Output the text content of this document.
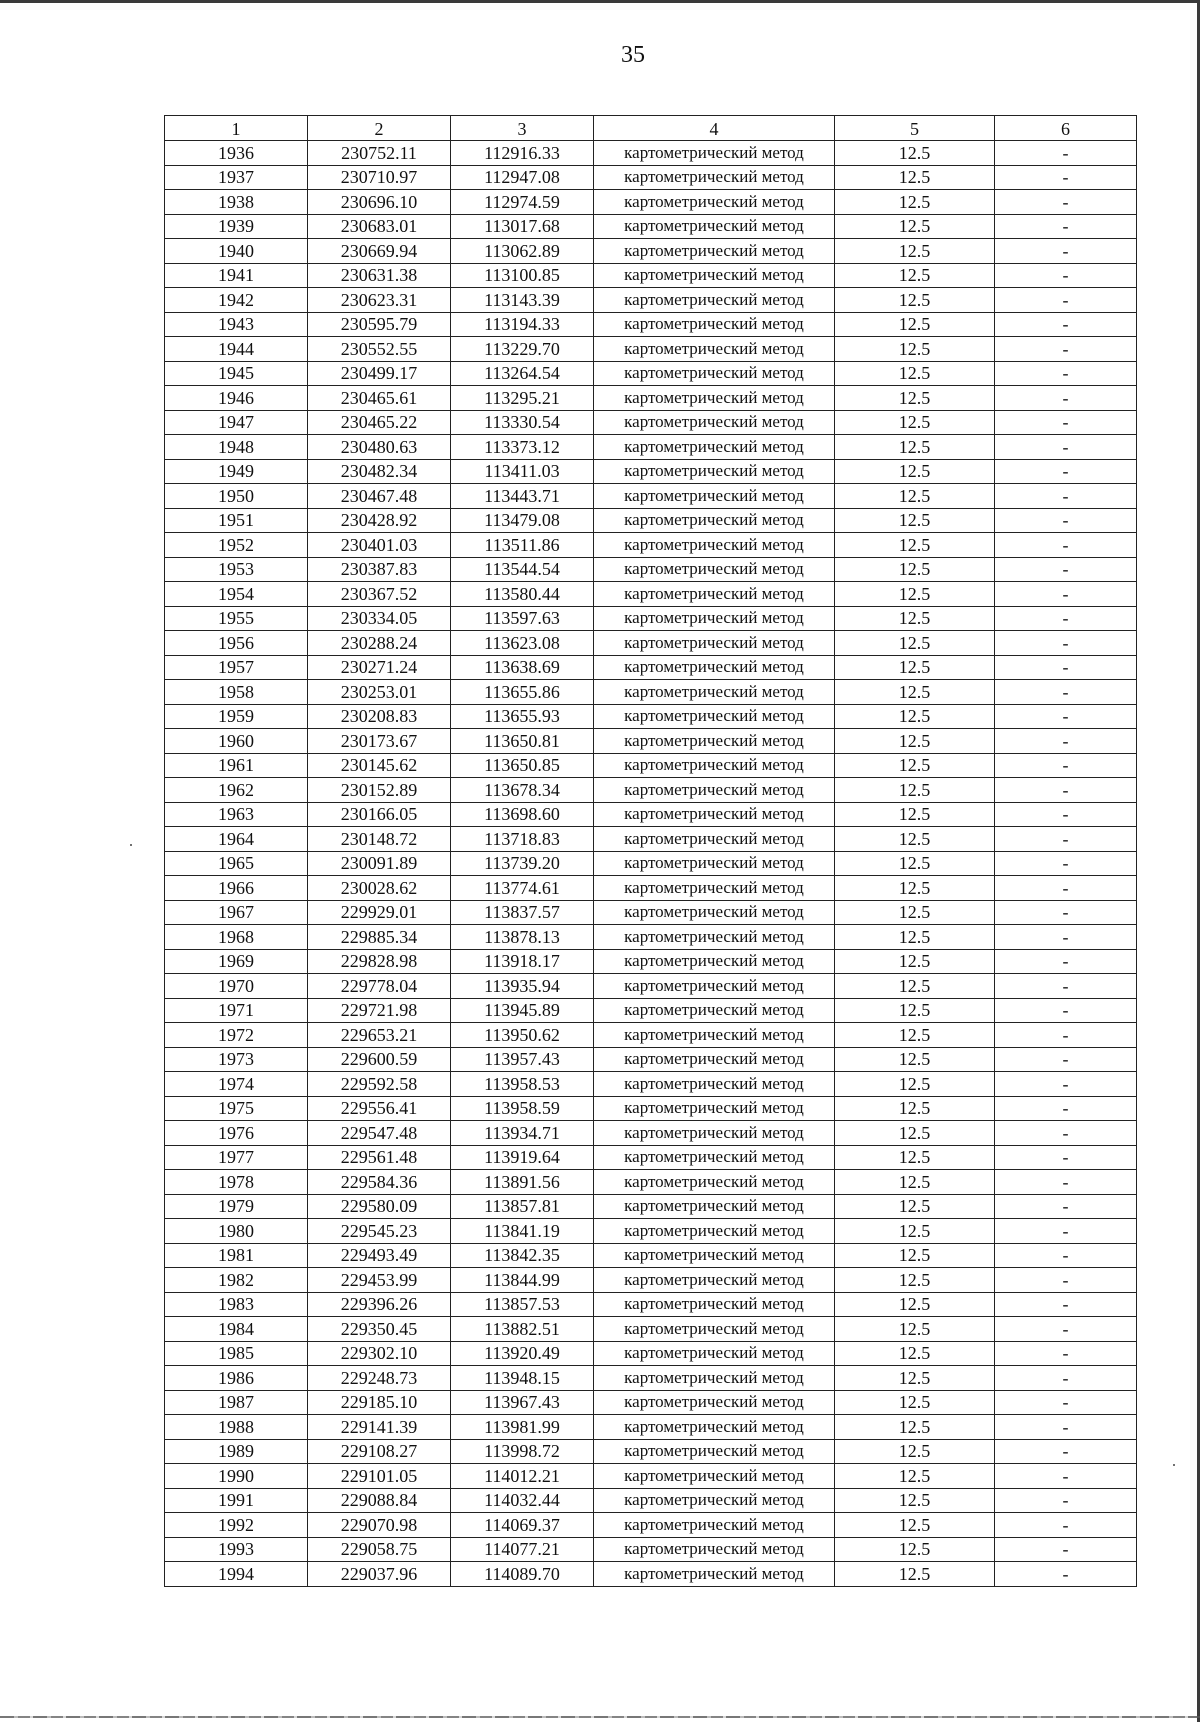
35
1	2	3	4	5	6
1936	230752.11	112916.33	картометрический метод	12.5	-
1937	230710.97	112947.08	картометрический метод	12.5	-
1938	230696.10	112974.59	картометрический метод	12.5	-
1939	230683.01	113017.68	картометрический метод	12.5	-
1940	230669.94	113062.89	картометрический метод	12.5	-
1941	230631.38	113100.85	картометрический метод	12.5	-
1942	230623.31	113143.39	картометрический метод	12.5	-
1943	230595.79	113194.33	картометрический метод	12.5	-
1944	230552.55	113229.70	картометрический метод	12.5	-
1945	230499.17	113264.54	картометрический метод	12.5	-
1946	230465.61	113295.21	картометрический метод	12.5	-
1947	230465.22	113330.54	картометрический метод	12.5	-
1948	230480.63	113373.12	картометрический метод	12.5	-
1949	230482.34	113411.03	картометрический метод	12.5	-
1950	230467.48	113443.71	картометрический метод	12.5	-
1951	230428.92	113479.08	картометрический метод	12.5	-
1952	230401.03	113511.86	картометрический метод	12.5	-
1953	230387.83	113544.54	картометрический метод	12.5	-
1954	230367.52	113580.44	картометрический метод	12.5	-
1955	230334.05	113597.63	картометрический метод	12.5	-
1956	230288.24	113623.08	картометрический метод	12.5	-
1957	230271.24	113638.69	картометрический метод	12.5	-
1958	230253.01	113655.86	картометрический метод	12.5	-
1959	230208.83	113655.93	картометрический метод	12.5	-
1960	230173.67	113650.81	картометрический метод	12.5	-
1961	230145.62	113650.85	картометрический метод	12.5	-
1962	230152.89	113678.34	картометрический метод	12.5	-
1963	230166.05	113698.60	картометрический метод	12.5	-
1964	230148.72	113718.83	картометрический метод	12.5	-
1965	230091.89	113739.20	картометрический метод	12.5	-
1966	230028.62	113774.61	картометрический метод	12.5	-
1967	229929.01	113837.57	картометрический метод	12.5	-
1968	229885.34	113878.13	картометрический метод	12.5	-
1969	229828.98	113918.17	картометрический метод	12.5	-
1970	229778.04	113935.94	картометрический метод	12.5	-
1971	229721.98	113945.89	картометрический метод	12.5	-
1972	229653.21	113950.62	картометрический метод	12.5	-
1973	229600.59	113957.43	картометрический метод	12.5	-
1974	229592.58	113958.53	картометрический метод	12.5	-
1975	229556.41	113958.59	картометрический метод	12.5	-
1976	229547.48	113934.71	картометрический метод	12.5	-
1977	229561.48	113919.64	картометрический метод	12.5	-
1978	229584.36	113891.56	картометрический метод	12.5	-
1979	229580.09	113857.81	картометрический метод	12.5	-
1980	229545.23	113841.19	картометрический метод	12.5	-
1981	229493.49	113842.35	картометрический метод	12.5	-
1982	229453.99	113844.99	картометрический метод	12.5	-
1983	229396.26	113857.53	картометрический метод	12.5	-
1984	229350.45	113882.51	картометрический метод	12.5	-
1985	229302.10	113920.49	картометрический метод	12.5	-
1986	229248.73	113948.15	картометрический метод	12.5	-
1987	229185.10	113967.43	картометрический метод	12.5	-
1988	229141.39	113981.99	картометрический метод	12.5	-
1989	229108.27	113998.72	картометрический метод	12.5	-
1990	229101.05	114012.21	картометрический метод	12.5	-
1991	229088.84	114032.44	картометрический метод	12.5	-
1992	229070.98	114069.37	картометрический метод	12.5	-
1993	229058.75	114077.21	картометрический метод	12.5	-
1994	229037.96	114089.70	картометрический метод	12.5	-
